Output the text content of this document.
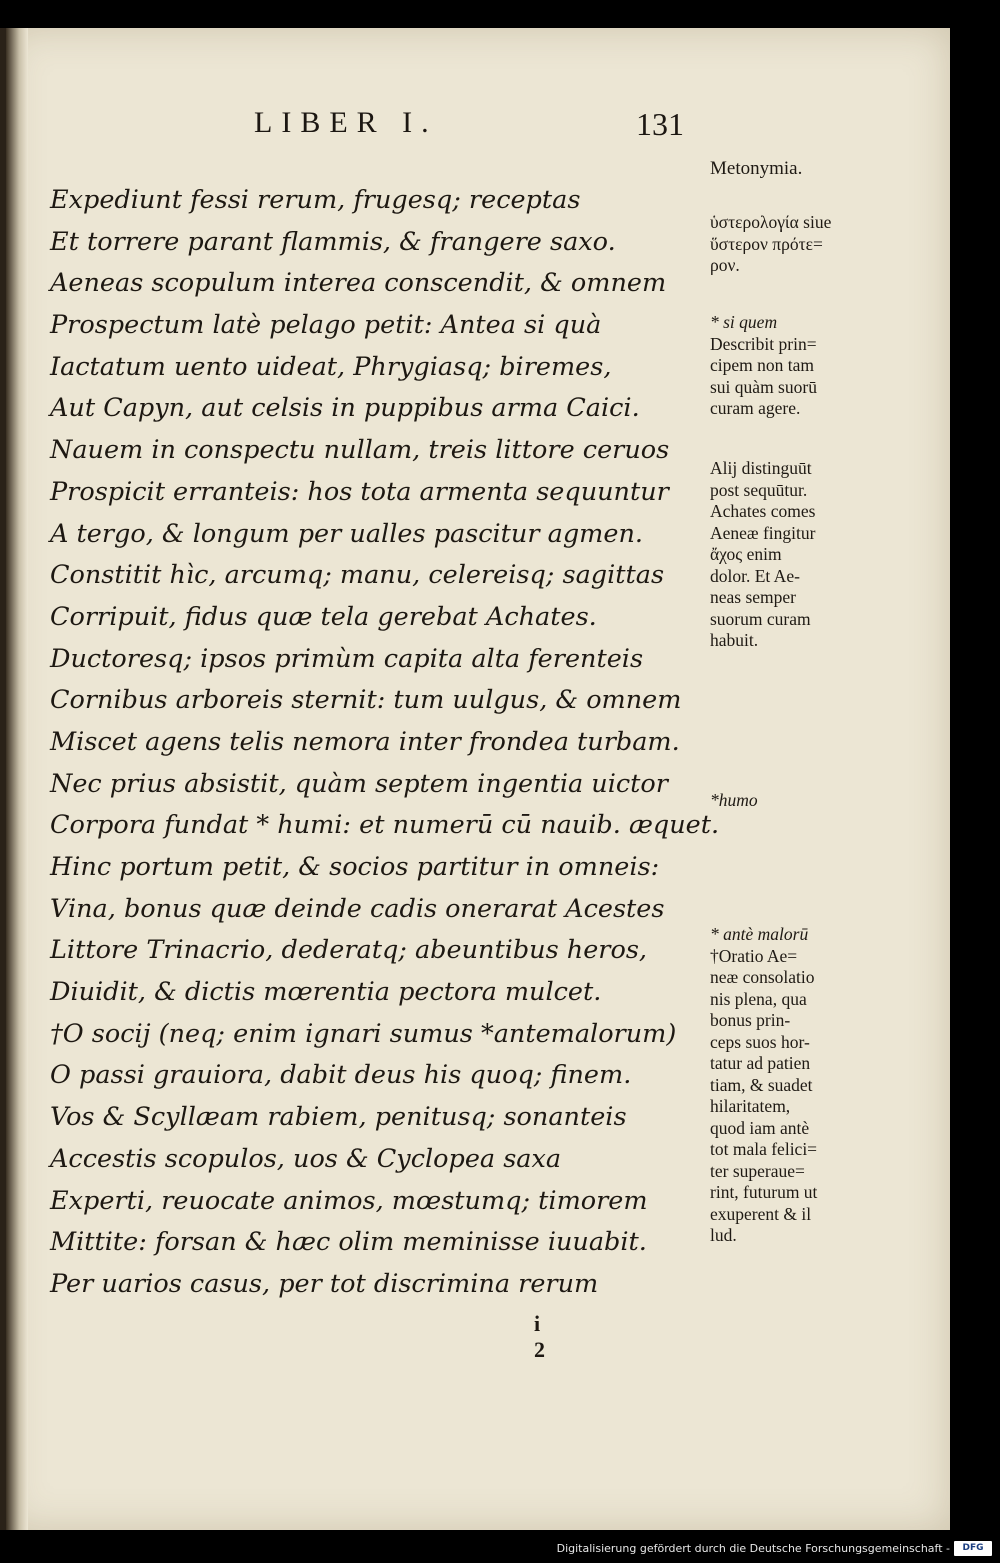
LIBER I.	131
Expediunt fessi rerum, frugesq; receptas
Et torrere parant flammis, & frangere saxo.
Aeneas scopulum interea conscendit, & omnem
Prospectum latè pelago petit: Antea si quà
Iactatum uento uideat, Phrygiasq; biremes,
Aut Capyn, aut celsis in puppibus arma Caici.
Nauem in conspectu nullam, treis littore ceruos
Prospicit erranteis: hos tota armenta sequuntur
A tergo, & longum per ualles pascitur agmen.
Constitit hìc, arcumq; manu, celereisq; sagittas
Corripuit, fidus quæ tela gerebat Achates.
Ductoresq; ipsos primùm capita alta ferenteis
Cornibus arboreis sternit: tum uulgus, & omnem
Miscet agens telis nemora inter frondea turbam.
Nec prius absistit, quàm septem ingentia uictor
Corpora fundat * humi: et numerū cū nauib. æquet.
Hinc portum petit, & socios partitur in omneis:
Vina, bonus quæ deinde cadis onerarat Acestes
Littore Trinacrio, dederatq; abeuntibus heros,
Diuidit, & dictis mœrentia pectora mulcet.
†O socij (neq; enim ignari sumus *antemalorum)
O passi grauiora, dabit deus his quoq; finem.
Vos & Scyllæam rabiem, penitusq; sonanteis
Accestis scopulos, uos & Cyclopea saxa
Experti, reuocate animos, mœstumq; timorem
Mittite: forsan & hæc olim meminisse iuuabit.
Per uarios casus, per tot discrimina rerum
Metonymia.
ὑστερολογία siue
ὕστερον πρότε=
ρον.
* si quem
Describit prin=
cipem non tam
sui quàm suorū
curam agere.
Alij distinguūt
post sequūtur.
Achates comes
Aeneæ fingitur
ἄχος enim
dolor. Et Ae-
neas semper
suorum curam
habuit.
*humo
* antè malorū
†Oratio Ae=
neæ consolatio
nis plena, qua
bonus prin-
ceps suos hor-
tatur ad patien
tiam, & suadet
hilaritatem,
quod iam antè
tot mala felici=
ter superaue=
rint, futurum ut
exuperent & il
lud.
i 2
Digitalisierung gefördert durch die Deutsche Forschungsgemeinschaft -	DFG
